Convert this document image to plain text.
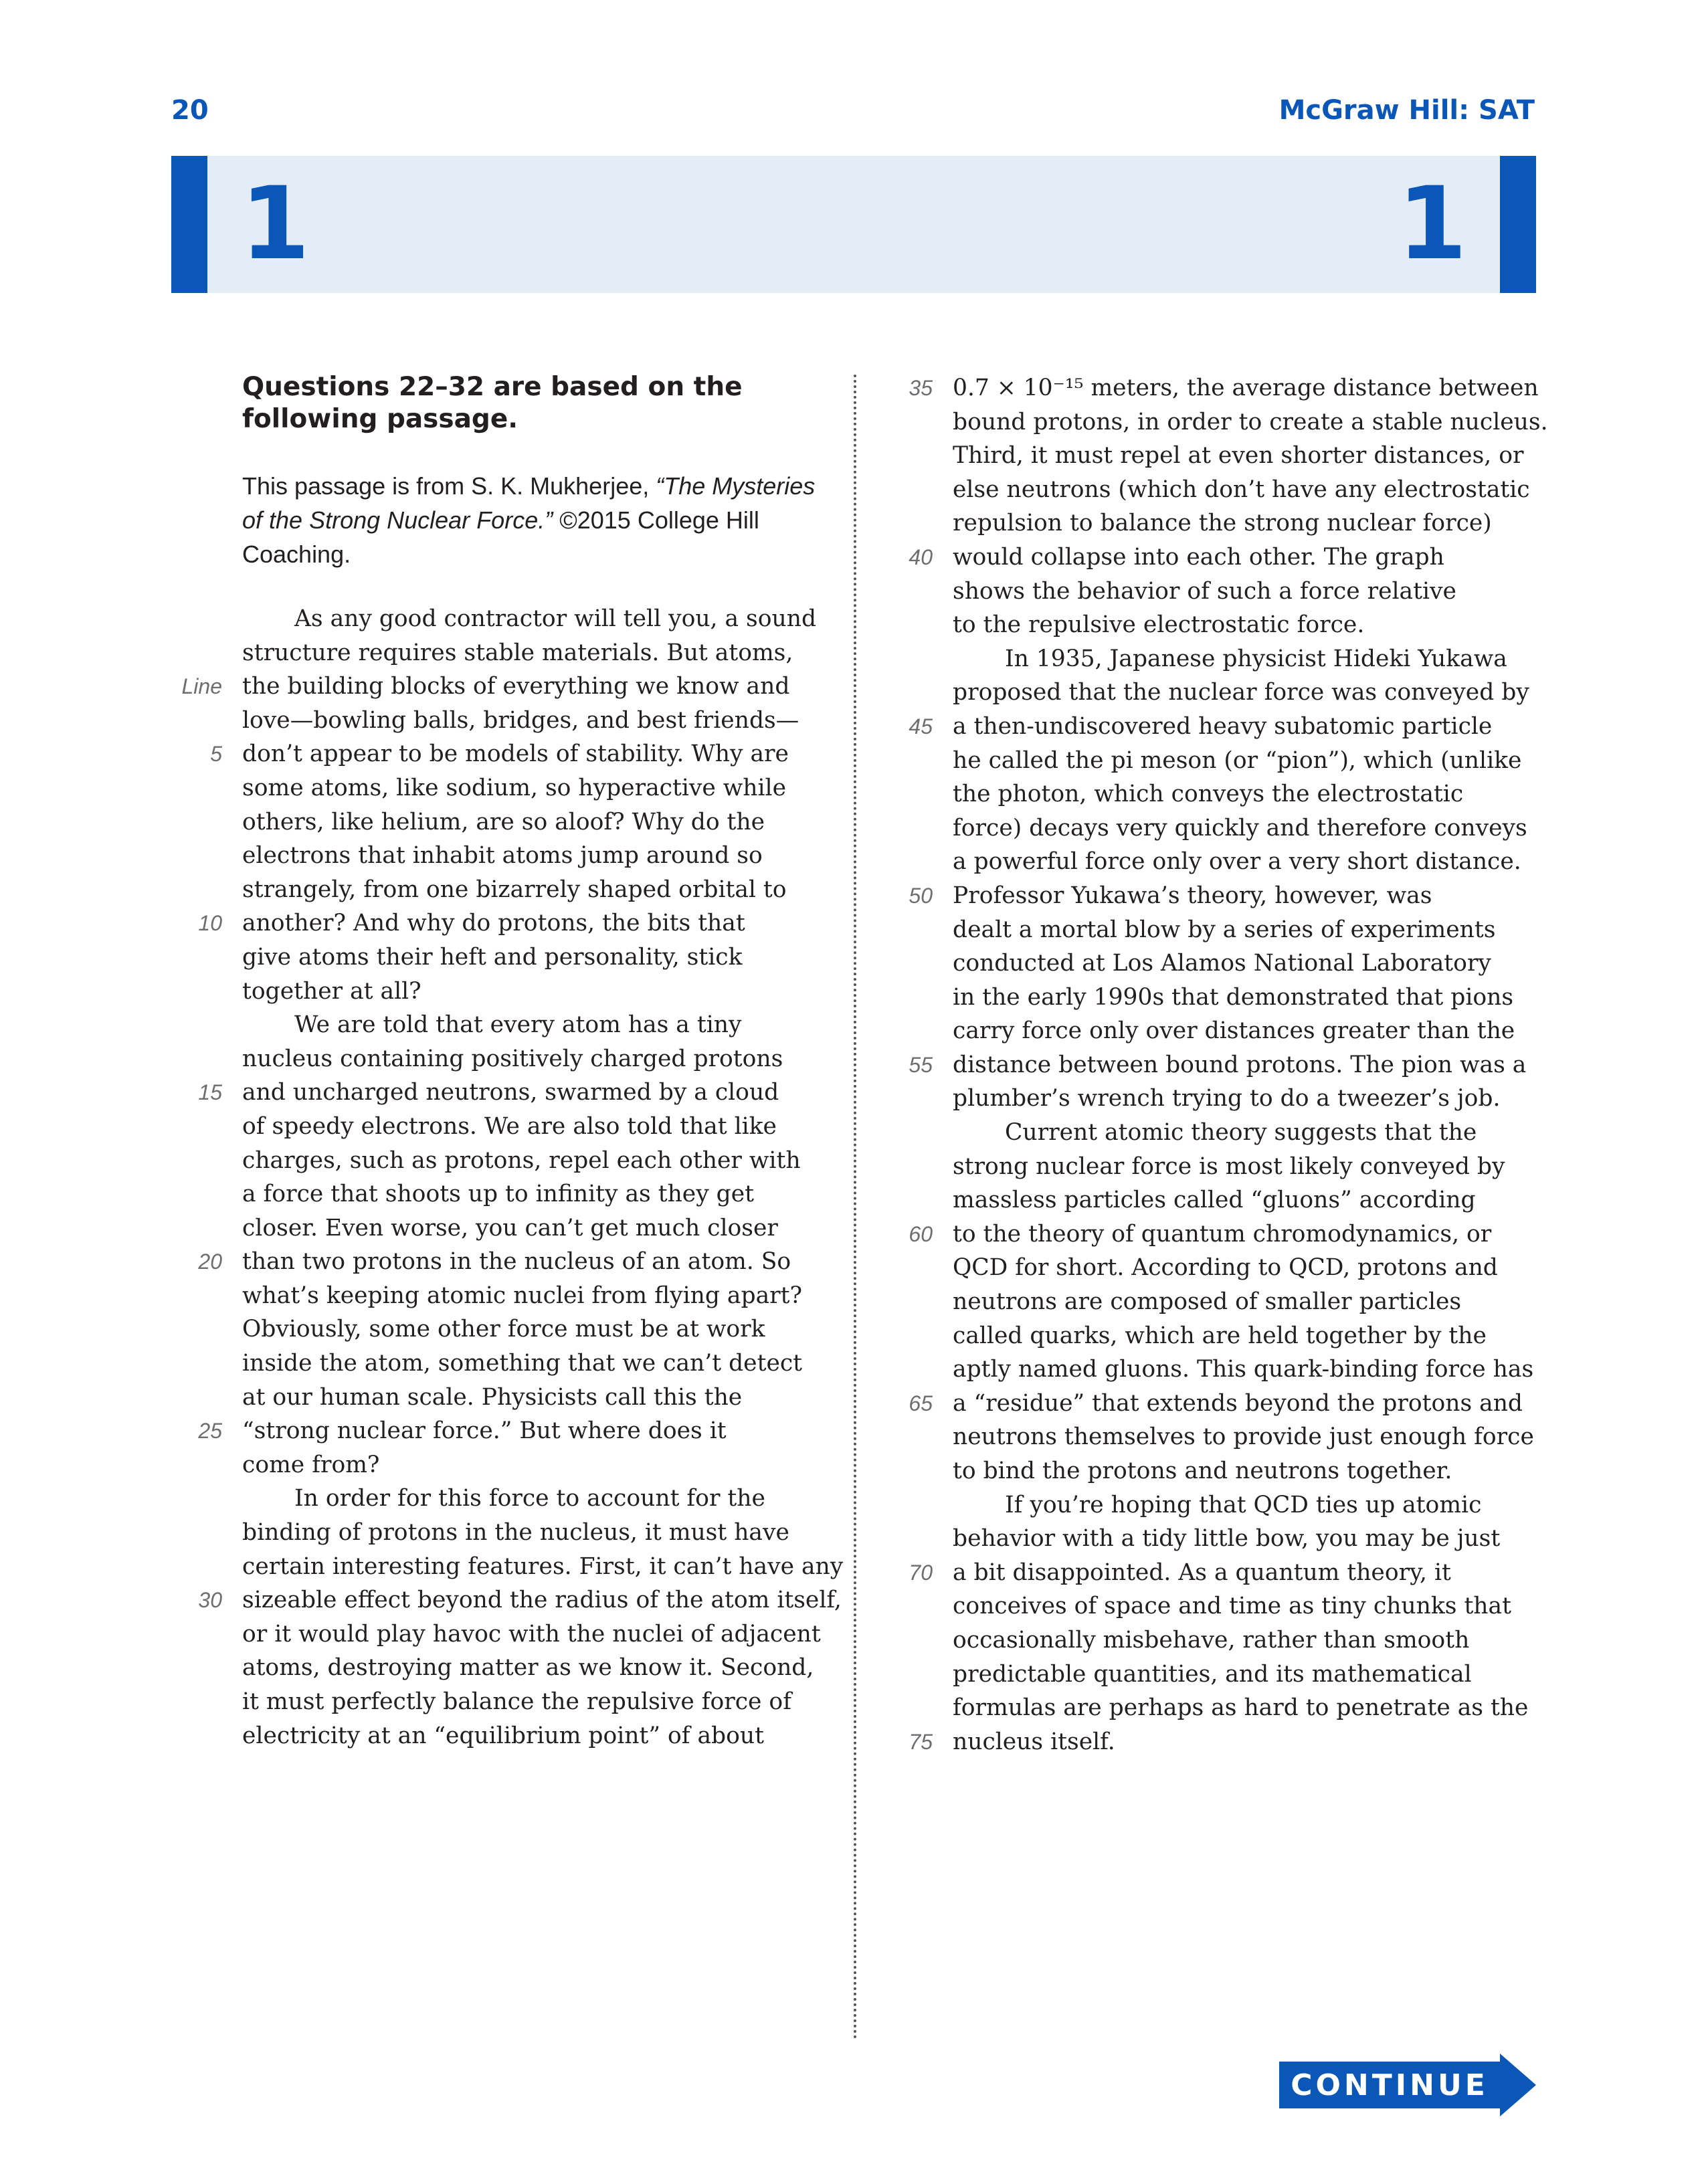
20	McGraw Hill: SAT
1	1
Questions 22–32 are based on the
following passage.
This passage is from S. K. Mukherjee, “The Mysteries of the Strong Nuclear Force.” ©2015 College Hill Coaching.
As any good contractor will tell you, a sound
structure requires stable materials. But atoms,
Line the building blocks of everything we know and
love—bowling balls, bridges, and best friends—
5 don’t appear to be models of stability. Why are
some atoms, like sodium, so hyperactive while
others, like helium, are so aloof? Why do the
electrons that inhabit atoms jump around so
strangely, from one bizarrely shaped orbital to
10 another? And why do protons, the bits that
give atoms their heft and personality, stick
together at all?
We are told that every atom has a tiny
nucleus containing positively charged protons
15 and uncharged neutrons, swarmed by a cloud
of speedy electrons. We are also told that like
charges, such as protons, repel each other with
a force that shoots up to infinity as they get
closer. Even worse, you can’t get much closer
20 than two protons in the nucleus of an atom. So
what’s keeping atomic nuclei from flying apart?
Obviously, some other force must be at work
inside the atom, something that we can’t detect
at our human scale. Physicists call this the
25 “strong nuclear force.” But where does it
come from?
In order for this force to account for the
binding of protons in the nucleus, it must have
certain interesting features. First, it can’t have any
30 sizeable effect beyond the radius of the atom itself,
or it would play havoc with the nuclei of adjacent
atoms, destroying matter as we know it. Second,
it must perfectly balance the repulsive force of
electricity at an “equilibrium point” of about
35 0.7 × 10⁻¹⁵ meters, the average distance between
bound protons, in order to create a stable nucleus.
Third, it must repel at even shorter distances, or
else neutrons (which don’t have any electrostatic
repulsion to balance the strong nuclear force)
40 would collapse into each other. The graph
shows the behavior of such a force relative
to the repulsive electrostatic force.
In 1935, Japanese physicist Hideki Yukawa
proposed that the nuclear force was conveyed by
45 a then-undiscovered heavy subatomic particle
he called the pi meson (or “pion”), which (unlike
the photon, which conveys the electrostatic
force) decays very quickly and therefore conveys
a powerful force only over a very short distance.
50 Professor Yukawa’s theory, however, was
dealt a mortal blow by a series of experiments
conducted at Los Alamos National Laboratory
in the early 1990s that demonstrated that pions
carry force only over distances greater than the
55 distance between bound protons. The pion was a
plumber’s wrench trying to do a tweezer’s job.
Current atomic theory suggests that the
strong nuclear force is most likely conveyed by
massless particles called “gluons” according
60 to the theory of quantum chromodynamics, or
QCD for short. According to QCD, protons and
neutrons are composed of smaller particles
called quarks, which are held together by the
aptly named gluons. This quark-binding force has
65 a “residue” that extends beyond the protons and
neutrons themselves to provide just enough force
to bind the protons and neutrons together.
If you’re hoping that QCD ties up atomic
behavior with a tidy little bow, you may be just
70 a bit disappointed. As a quantum theory, it
conceives of space and time as tiny chunks that
occasionally misbehave, rather than smooth
predictable quantities, and its mathematical
formulas are perhaps as hard to penetrate as the
75 nucleus itself.
CONTINUE
